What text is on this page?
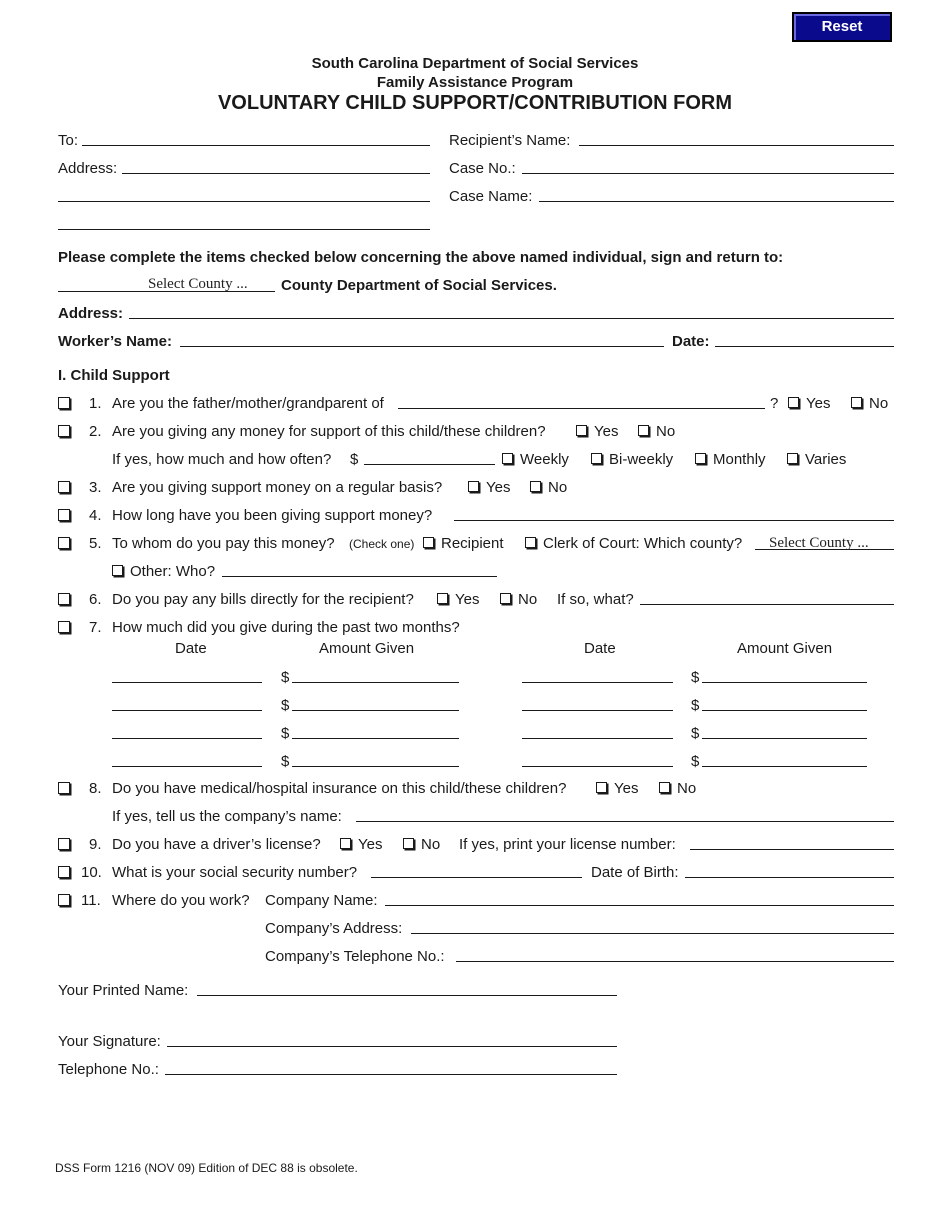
Reset
South Carolina Department of Social Services
Family Assistance Program
VOLUNTARY CHILD SUPPORT/CONTRIBUTION FORM
To:
Address:
Recipient’s Name:
Case No.:
Case Name:
Please complete the items checked below concerning the above named individual, sign and return to:
Select County ... County Department of Social Services.
Address:
Worker’s Name:	Date:
I. Child Support
1. Are you the father/mother/grandparent of	?	Yes	No
2. Are you giving any money for support of this child/these children?	Yes	No
If yes, how much and how often? $	Weekly	Bi-weekly	Monthly	Varies
3. Are you giving support money on a regular basis?	Yes	No
4. How long have you been giving support money?
5. To whom do you pay this money? (Check one)	Recipient	Clerk of Court: Which county? Select County ...
Other: Who?
6. Do you pay any bills directly for the recipient?	Yes	No If so, what?
7. How much did you give during the past two months?
Date	Amount Given	Date	Amount Given
$	$
$	$
$	$
$	$
8. Do you have medical/hospital insurance on this child/these children?	Yes	No
If yes, tell us the company’s name:
9. Do you have a driver’s license?	Yes	No If yes, print your license number:
10. What is your social security number?	Date of Birth:
11. Where do you work? Company Name:
Company’s Address:
Company’s Telephone No.:
Your Printed Name:
Your Signature:
Telephone No.:
DSS Form 1216 (NOV 09) Edition of DEC 88 is obsolete.
